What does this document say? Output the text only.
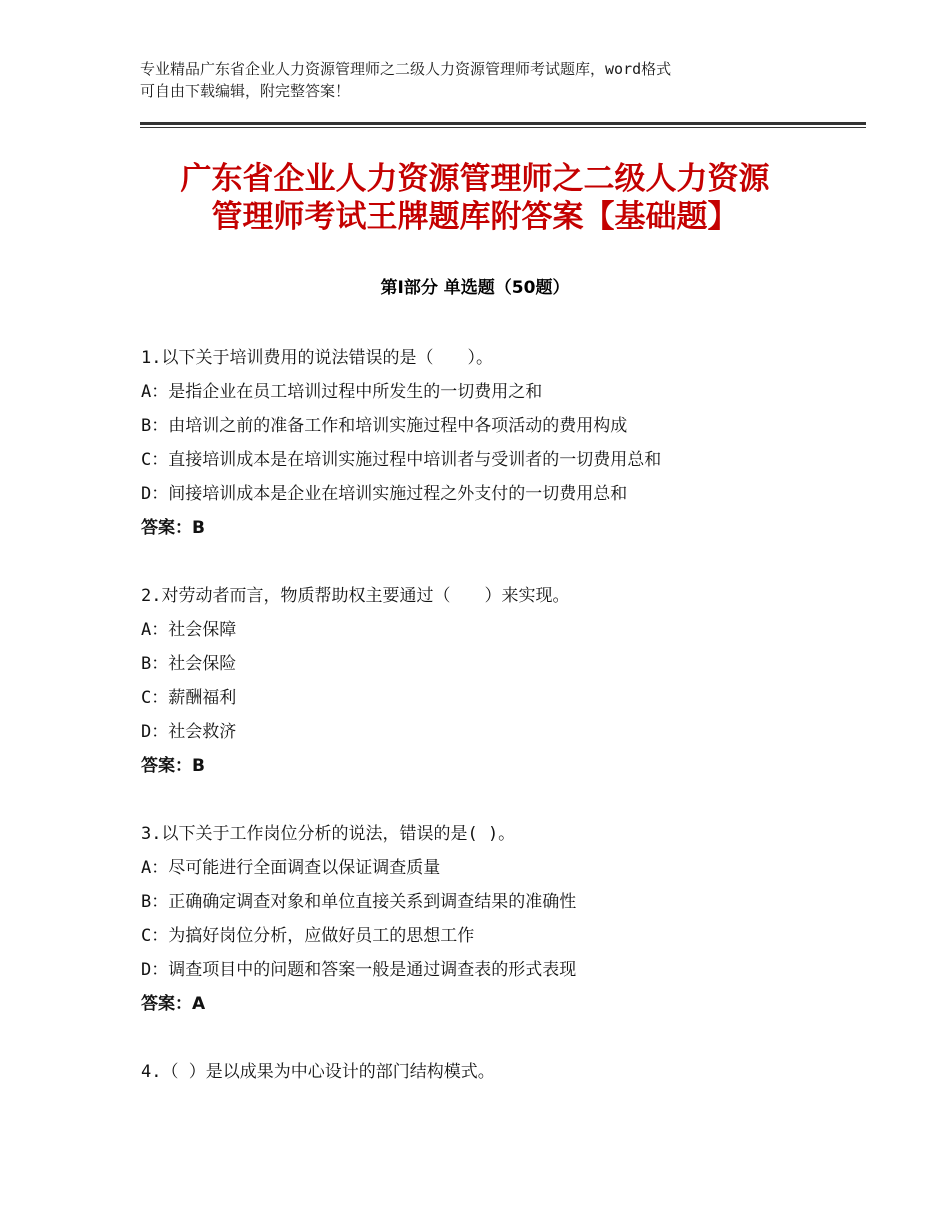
专业精品广东省企业人力资源管理师之二级人力资源管理师考试题库，word格式
可自由下载编辑，附完整答案！
广东省企业人力资源管理师之二级人力资源
管理师考试王牌题库附答案【基础题】
第Ⅰ部分 单选题（50题）
1.以下关于培训费用的说法错误的是（　　）。
A：是指企业在员工培训过程中所发生的一切费用之和
B：由培训之前的准备工作和培训实施过程中各项活动的费用构成
C：直接培训成本是在培训实施过程中培训者与受训者的一切费用总和
D：间接培训成本是企业在培训实施过程之外支付的一切费用总和
答案：B
2.对劳动者而言，物质帮助权主要通过（　　）来实现。
A：社会保障
B：社会保险
C：薪酬福利
D：社会救济
答案：B
3.以下关于工作岗位分析的说法，错误的是( )。
A：尽可能进行全面调查以保证调查质量
B：正确确定调查对象和单位直接关系到调查结果的准确性
C：为搞好岗位分析，应做好员工的思想工作
D：调查项目中的问题和答案一般是通过调查表的形式表现
答案：A
4.（ ）是以成果为中心设计的部门结构模式。
